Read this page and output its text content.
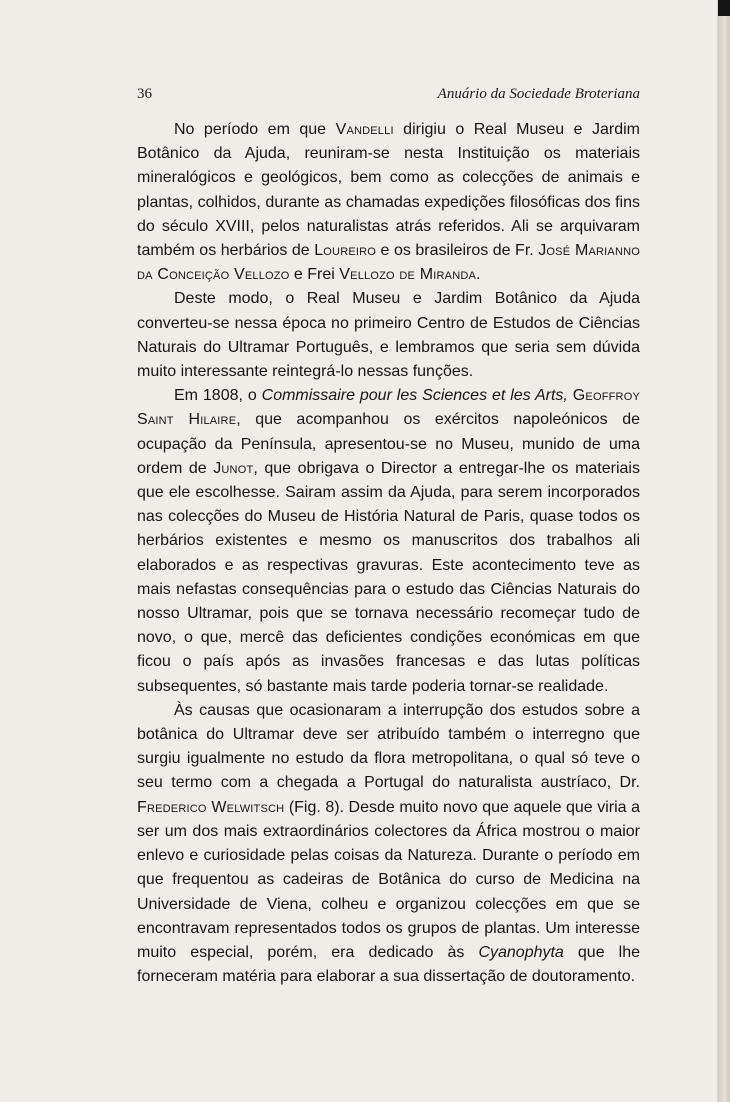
36	Anuário da Sociedade Broteriana

No período em que Vandelli dirigiu o Real Museu e Jardim Botânico da Ajuda, reuniram-se nesta Instituição os materiais mineralógicos e geológicos, bem como as colecções de animais e plantas, colhidos, durante as chamadas expedições filosóficas dos fins do século XVIII, pelos naturalistas atrás referidos. Ali se arquivaram também os herbários de Loureiro e os brasileiros de Fr. José Marianno da Conceição Vellozo e Frei Vellozo de Miranda.

Deste modo, o Real Museu e Jardim Botânico da Ajuda converteu-se nessa época no primeiro Centro de Estudos de Ciências Naturais do Ultramar Português, e lembramos que seria sem dúvida muito interessante reintegrá-lo nessas funções.

Em 1808, o Commissaire pour les Sciences et les Arts, Geoffroy Saint Hilaire, que acompanhou os exércitos napoleónicos de ocupação da Península, apresentou-se no Museu, munido de uma ordem de Junot, que obrigava o Director a entregar-lhe os materiais que ele escolhesse. Sairam assim da Ajuda, para serem incorporados nas colecções do Museu de História Natural de Paris, quase todos os herbários existentes e mesmo os manuscritos dos trabalhos ali elaborados e as respectivas gravuras. Este acontecimento teve as mais nefastas consequências para o estudo das Ciências Naturais do nosso Ultramar, pois que se tornava necessário recomeçar tudo de novo, o que, mercê das deficientes condições económicas em que ficou o país após as invasões francesas e das lutas políticas subsequentes, só bastante mais tarde poderia tornar-se realidade.

Às causas que ocasionaram a interrupção dos estudos sobre a botânica do Ultramar deve ser atribuído também o interregno que surgiu igualmente no estudo da flora metropolitana, o qual só teve o seu termo com a chegada a Portugal do naturalista austríaco, Dr. Frederico Welwitsch (Fig. 8). Desde muito novo que aquele que viria a ser um dos mais extraordinários colectores da África mostrou o maior enlevo e curiosidade pelas coisas da Natureza. Durante o período em que frequentou as cadeiras de Botânica do curso de Medicina na Universidade de Viena, colheu e organizou colecções em que se encontravam representados todos os grupos de plantas. Um interesse muito especial, porém, era dedicado às Cyanophyta que lhe forneceram matéria para elaborar a sua dissertação de doutoramento.
